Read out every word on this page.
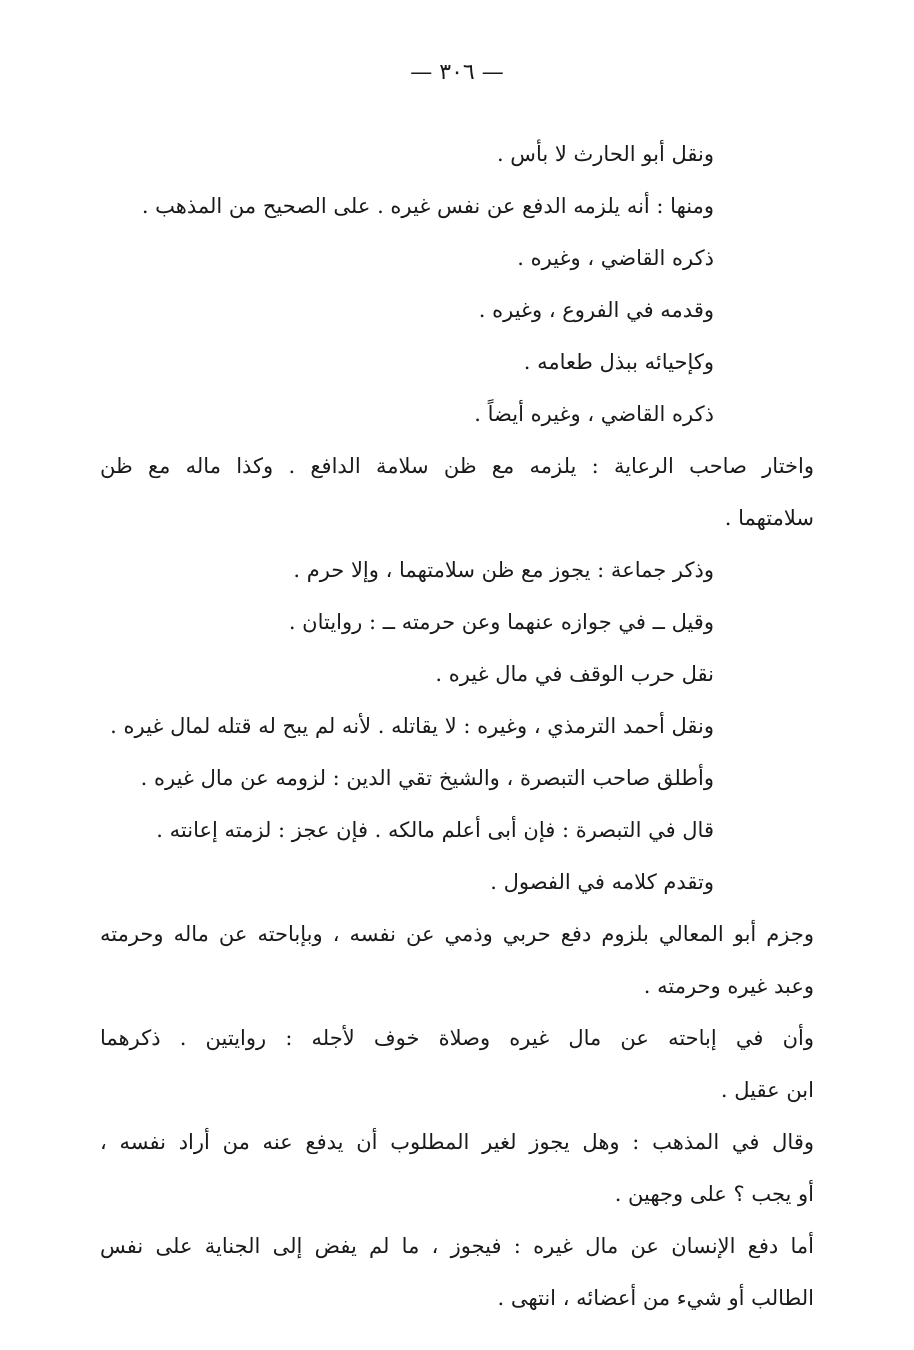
— ٣٠٦ —
ونقل أبو الحارث لا بأس .
ومنها : أنه يلزمه الدفع عن نفس غيره . على الصحيح من المذهب .
ذكره القاضي ، وغيره .
وقدمه في الفروع ، وغيره .
وكإحيائه ببذل طعامه .
ذكره القاضي ، وغيره أيضاً .
واختار صاحب الرعاية : يلزمه مع ظن سلامة الدافع . وكذا ماله مع ظن
سلامتهما .
وذكر جماعة : يجوز مع ظن سلامتهما ، وإلا حرم .
وقيل ــ في جوازه عنهما وعن حرمته ــ : روايتان .
نقل حرب الوقف في مال غيره .
ونقل أحمد الترمذي ، وغيره : لا يقاتله . لأنه لم يبح له قتله لمال غيره .
وأطلق صاحب التبصرة ، والشيخ تقي الدين : لزومه عن مال غيره .
قال في التبصرة : فإن أبى أعلم مالكه . فإن عجز : لزمته إعانته .
وتقدم كلامه في الفصول .
وجزم أبو المعالي بلزوم دفع حربي وذمي عن نفسه ، وبإباحته عن ماله وحرمته
وعبد غيره وحرمته .
وأن في إباحته عن مال غيره وصلاة خوف لأجله : روايتين . ذكرهما
ابن عقيل .
وقال في المذهب : وهل يجوز لغير المطلوب أن يدفع عنه من أراد نفسه ،
أو يجب ؟ على وجهين .
أما دفع الإنسان عن مال غيره : فيجوز ، ما لم يفض إلى الجناية على نفس
الطالب أو شيء من أعضائه ، انتهى .
